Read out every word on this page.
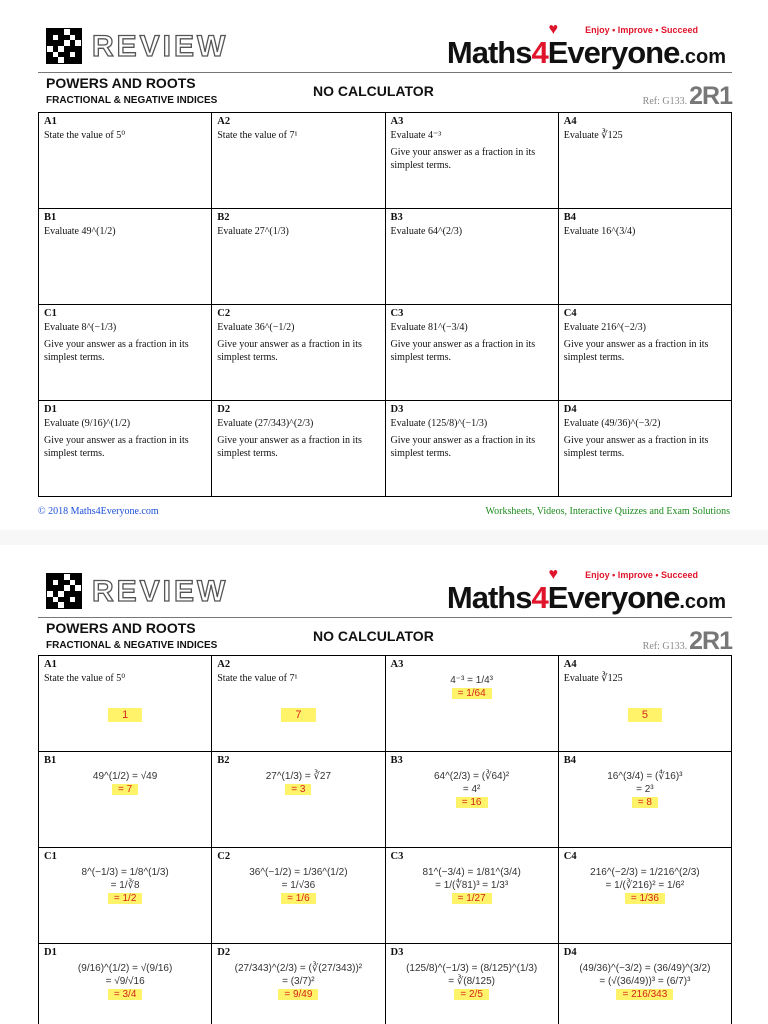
REVIEW
♥	Enjoy • Improve • Succeed
Maths4Everyone.com
POWERS AND ROOTS
FRACTIONAL & NEGATIVE INDICES
NO CALCULATOR
Ref: G133. 2R1
A1
State the value of 5⁰
A2
State the value of 7¹
A3
Evaluate 4⁻³
Give your answer as a fraction in its simplest terms.
A4
Evaluate ∛125
B1
Evaluate 49^(1/2)
B2
Evaluate 27^(1/3)
B3
Evaluate 64^(2/3)
B4
Evaluate 16^(3/4)
C1
Evaluate 8^(−1/3)
Give your answer as a fraction in its simplest terms.
C2
Evaluate 36^(−1/2)
Give your answer as a fraction in its simplest terms.
C3
Evaluate 81^(−3/4)
Give your answer as a fraction in its simplest terms.
C4
Evaluate 216^(−2/3)
Give your answer as a fraction in its simplest terms.
D1
Evaluate (9/16)^(1/2)
Give your answer as a fraction in its simplest terms.
D2
Evaluate (27/343)^(2/3)
Give your answer as a fraction in its simplest terms.
D3
Evaluate (125/8)^(−1/3)
Give your answer as a fraction in its simplest terms.
D4
Evaluate (49/36)^(−3/2)
Give your answer as a fraction in its simplest terms.
© 2018 Maths4Everyone.com	Worksheets, Videos, Interactive Quizzes and Exam Solutions
REVIEW
♥	Enjoy • Improve • Succeed
Maths4Everyone.com
POWERS AND ROOTS
FRACTIONAL & NEGATIVE INDICES
NO CALCULATOR
Ref: G133. 2R1
A1
State the value of 5⁰
1
A2
State the value of 7¹
7
A3
4⁻³ = 1/4³
= 1/64
A4
Evaluate ∛125
5
B1
49^(1/2) = √49
= 7
B2
27^(1/3) = ∛27
= 3
B3
64^(2/3) = (∛64)²
= 4²
= 16
B4
16^(3/4) = (∜16)³
= 2³
= 8
C1
8^(−1/3) = 1/8^(1/3)
= 1/∛8
= 1/2
C2
36^(−1/2) = 1/36^(1/2)
= 1/√36
= 1/6
C3
81^(−3/4) = 1/81^(3/4)
= 1/(∜81)³ = 1/3³
= 1/27
C4
216^(−2/3) = 1/216^(2/3)
= 1/(∛216)² = 1/6²
= 1/36
D1
(9/16)^(1/2) = √(9/16)
= √9/√16
= 3/4
D2
(27/343)^(2/3) = (∛(27/343))²
= (3/7)²
= 9/49
D3
(125/8)^(−1/3) = (8/125)^(1/3)
= ∛(8/125)
= 2/5
D4
(49/36)^(−3/2) = (36/49)^(3/2)
= (√(36/49))³ = (6/7)³
= 216/343
